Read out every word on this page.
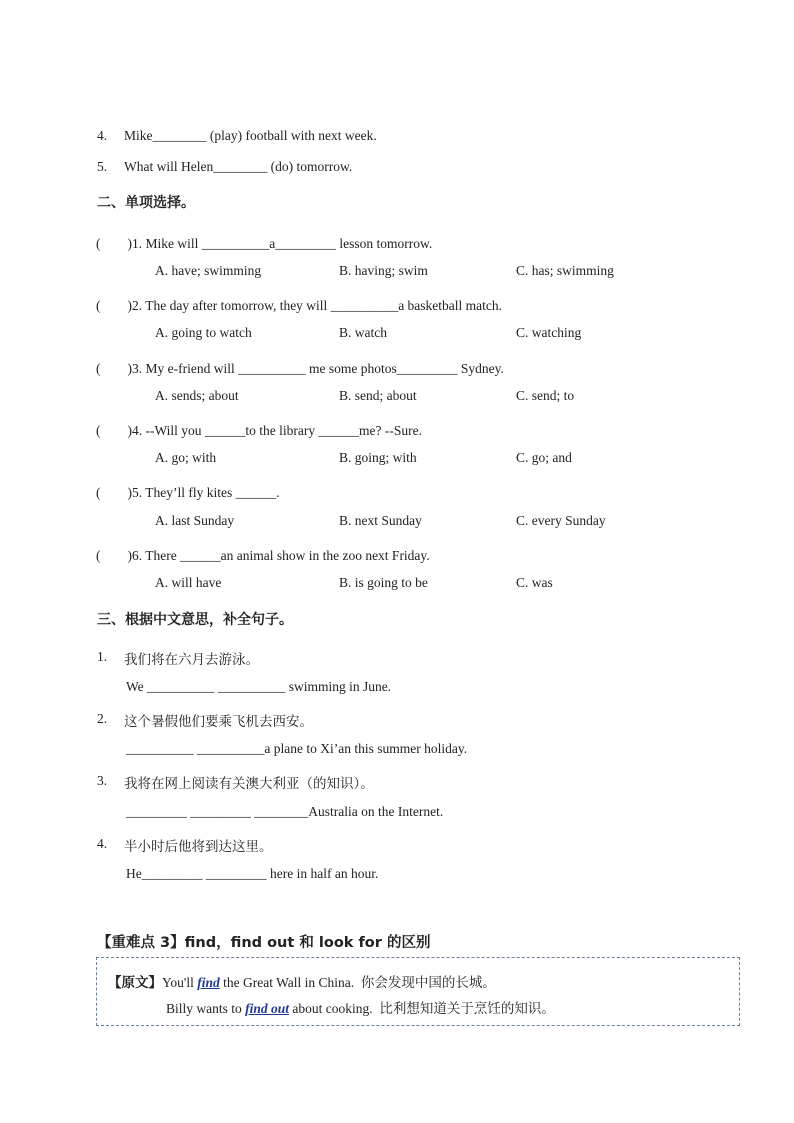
4. Mike________ (play) football with next week.
5. What will Helen________ (do) tomorrow.
二、单项选择。
(　　)1. Mike will __________a_________ lesson tomorrow.
A. have; swimming	B. having; swim	C. has; swimming
(　　)2. The day after tomorrow, they will __________a basketball match.
A. going to watch	B. watch	C. watching
(　　)3. My e-friend will __________ me some photos_________ Sydney.
A. sends; about	B. send; about	C. send; to
(　　)4. --Will you ______to the library ______me? --Sure.
A. go; with	B. going; with	C. go; and
(　　)5. They’ll fly kites ______.
A. last Sunday	B. next Sunday	C. every Sunday
(　　)6. There ______an animal show in the zoo next Friday.
A. will have	B. is going to be	C. was
三、根据中文意思，补全句子。
1. 我们将在六月去游泳。
We __________ __________ swimming in June.
2. 这个暑假他们要乘飞机去西安。
__________ __________a plane to Xi’an this summer holiday.
3. 我将在网上阅读有关澳大利亚（的知识）。
_________ _________ ________Australia on the Internet.
4. 半小时后他将到达这里。
He_________ _________ here in half an hour.
【重难点 3】find，find out 和 look for 的区别
【原文】You'll find the Great Wall in China. 你会发现中国的长城。
Billy wants to find out about cooking. 比利想知道关于烹饪的知识。
